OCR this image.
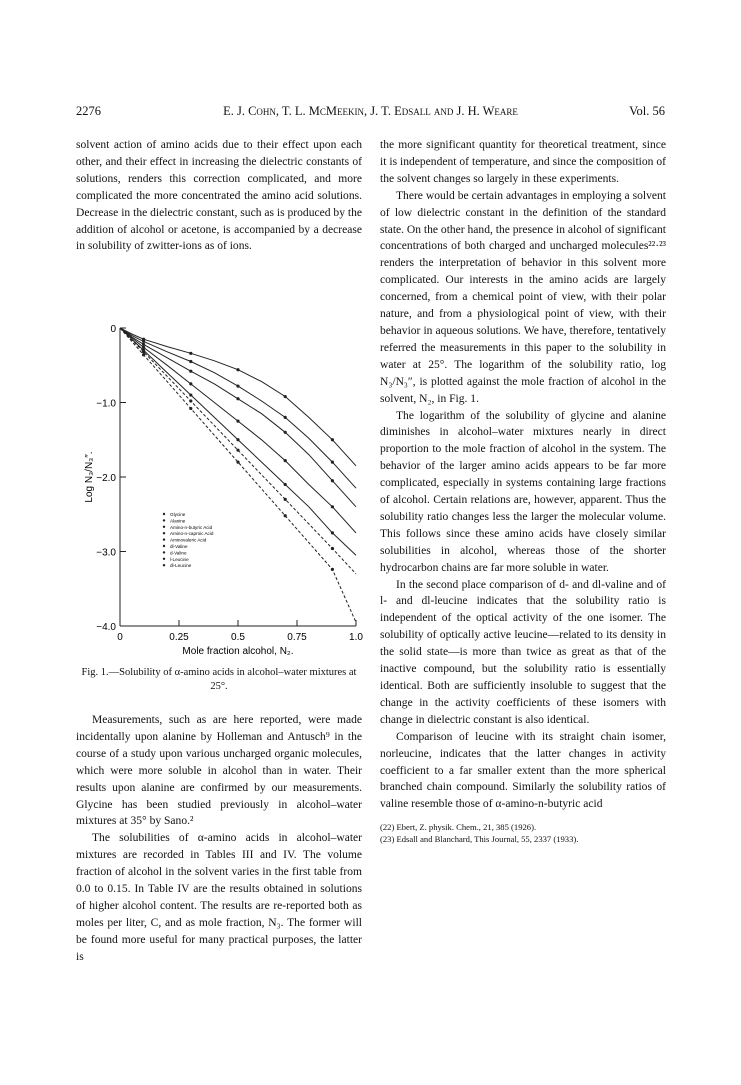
2276	E. J. Cohn, T. L. McMeekin, J. T. Edsall and J. H. Weare	Vol. 56

solvent action of amino acids due to their effect upon each other, and their effect in increasing the dielectric constants of solutions, renders this correction complicated, and more complicated the more concentrated the amino acid solutions. Decrease in the dielectric constant, such as is produced by the addition of alcohol or acetone, is accompanied by a decrease in solubility of zwitter-ions as of ions.

0
−1.0
−2.0
−3.0
−4.0
0	0.25	0.5	0.75	1.0
Mole fraction alcohol, N₂.
Log N₃/N₃″.
Glycine
Alanine
Amino-n-butyric Acid
Amino-n-caproic Acid
Aminovaleric Acid
dl-Valine
d-Valine
l-Leucine
dl-Leucine
Fig. 1.—Solubility of α-amino acids in alcohol–water mixtures at 25°.

Measurements, such as are here reported, were made incidentally upon alanine by Holleman and Antusch⁹ in the course of a study upon various uncharged organic molecules, which were more soluble in alcohol than in water. Their results upon alanine are confirmed by our measurements. Glycine has been studied previously in alcohol–water mixtures at 35° by Sano.²

The solubilities of α-amino acids in alcohol–water mixtures are recorded in Tables III and IV. The volume fraction of alcohol in the solvent varies in the first table from 0.0 to 0.15. In Table IV are the results obtained in solutions of higher alcohol content. The results are re-reported both as moles per liter, C, and as mole fraction, N₃. The former will be found more useful for many practical purposes, the latter is

the more significant quantity for theoretical treatment, since it is independent of temperature, and since the composition of the solvent changes so largely in these experiments.

There would be certain advantages in employing a solvent of low dielectric constant in the definition of the standard state. On the other hand, the presence in alcohol of significant concentrations of both charged and uncharged molecules²²·²³ renders the interpretation of behavior in this solvent more complicated. Our interests in the amino acids are largely concerned, from a chemical point of view, with their polar nature, and from a physiological point of view, with their behavior in aqueous solutions. We have, therefore, tentatively referred the measurements in this paper to the solubility in water at 25°. The logarithm of the solubility ratio, log N₃/N₃″, is plotted against the mole fraction of alcohol in the solvent, N₂, in Fig. 1.

The logarithm of the solubility of glycine and alanine diminishes in alcohol–water mixtures nearly in direct proportion to the mole fraction of alcohol in the system. The behavior of the larger amino acids appears to be far more complicated, especially in systems containing large fractions of alcohol. Certain relations are, however, apparent. Thus the solubility ratio changes less the larger the molecular volume. This follows since these amino acids have closely similar solubilities in alcohol, whereas those of the shorter hydrocarbon chains are far more soluble in water.

In the second place comparison of d- and dl-valine and of l- and dl-leucine indicates that the solubility ratio is independent of the optical activity of the one isomer. The solubility of optically active leucine—related to its density in the solid state—is more than twice as great as that of the inactive compound, but the solubility ratio is essentially identical. Both are sufficiently insoluble to suggest that the change in the activity coefficients of these isomers with change in dielectric constant is also identical.

Comparison of leucine with its straight chain isomer, norleucine, indicates that the latter changes in activity coefficient to a far smaller extent than the more spherical branched chain compound. Similarly the solubility ratios of valine resemble those of α-amino-n-butyric acid

(22) Ebert, Z. physik. Chem., 21, 385 (1926).

(23) Edsall and Blanchard, This Journal, 55, 2337 (1933).
